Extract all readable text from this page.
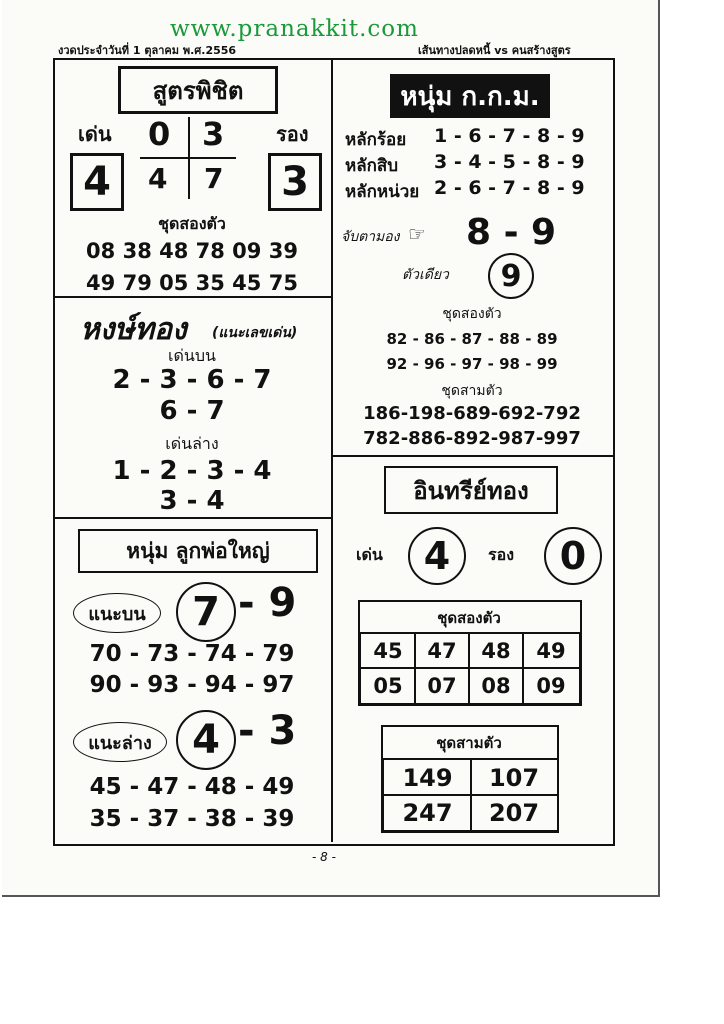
www.pranakkit.com
งวดประจำวันที่ 1 ตุลาคม พ.ศ.2556	เส้นทางปลดหนี้ vs คนสร้างสูตร
สูตรพิชิต
เด่น	รอง
0 3
4 7
4	3
ชุดสองตัว
08 38 48 78 09 39
49 79 05 35 45 75
หงษ์ทอง (แนะเลขเด่น)
เด่นบน
2 - 3 - 6 - 7
6 - 7
เด่นล่าง
1 - 2 - 3 - 4
3 - 4
หนุ่ม ลูกพ่อใหญ่
แนะบน	7 - 9
70 - 73 - 74 - 79
90 - 93 - 94 - 97
แนะล่าง	4 - 3
45 - 47 - 48 - 49
35 - 37 - 38 - 39
หนุ่ม ก.ก.ม.
หลักร้อย 1 - 6 - 7 - 8 - 9
หลักสิบ 3 - 4 - 5 - 8 - 9
หลักหน่วย 2 - 6 - 7 - 8 - 9
จับตามอง ☞ 8 - 9
ตัวเดียว	9
ชุดสองตัว
82 - 86 - 87 - 88 - 89
92 - 96 - 97 - 98 - 99
ชุดสามตัว
186-198-689-692-792
782-886-892-987-997
อินทรีย์ทอง
เด่น	4	รอง	0
ชุดสองตัว
45	47	48	49
05	07	08	09
ชุดสามตัว
149	107
247	207
- 8 -
